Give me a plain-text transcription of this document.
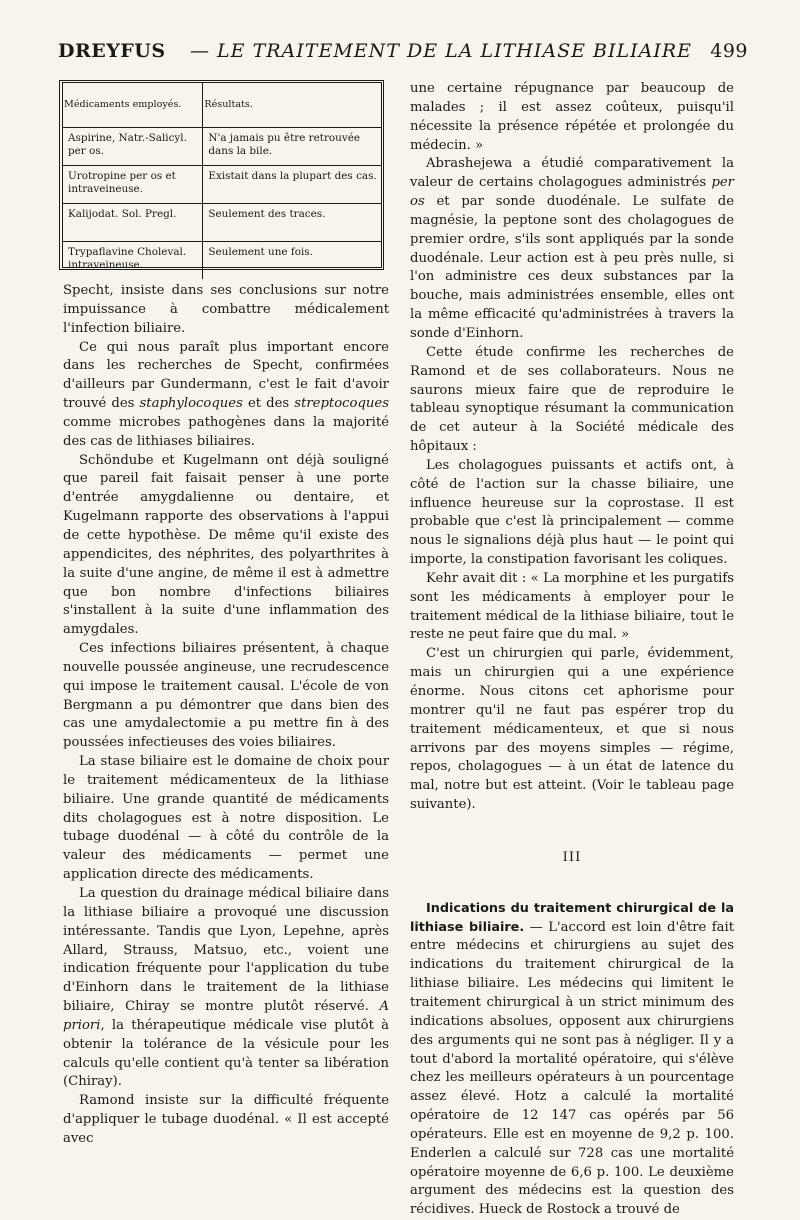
DREYFUS — LE TRAITEMENT DE LA LITHIASE BILIAIRE 499
Médicaments employés.	Résultats.
Aspirine, Natr.-Salicyl. per os.	N'a jamais pu être retrouvée dans la bile.
Urotropine per os et intraveineuse.	Existait dans la plupart des cas.
Kalijodat. Sol. Pregl.	Seulement des traces.
Trypaflavine Choleval. intraveineuse.	Seulement une fois.

Specht, insiste dans ses conclusions sur notre impuissance à combattre médicalement l'infection biliaire.

Ce qui nous paraît plus important encore dans les recherches de Specht, confirmées d'ailleurs par Gundermann, c'est le fait d'avoir trouvé des staphylocoques et des streptocoques comme microbes pathogènes dans la majorité des cas de lithiases biliaires.

Schöndube et Kugelmann ont déjà souligné que pareil fait faisait penser à une porte d'entrée amygdalienne ou dentaire, et Kugelmann rapporte des observations à l'appui de cette hypothèse. De même qu'il existe des appendicites, des néphrites, des polyarthrites à la suite d'une angine, de même il est à admettre que bon nombre d'infections biliaires s'installent à la suite d'une inflammation des amygdales.

Ces infections biliaires présentent, à chaque nouvelle poussée angineuse, une recrudescence qui impose le traitement causal. L'école de von Bergmann a pu démontrer que dans bien des cas une amydalectomie a pu mettre fin à des poussées infectieuses des voies biliaires.

La stase biliaire est le domaine de choix pour le traitement médicamenteux de la lithiase biliaire. Une grande quantité de médicaments dits cholagogues est à notre disposition. Le tubage duodénal — à côté du contrôle de la valeur des médicaments — permet une application directe des médicaments.

La question du drainage médical biliaire dans la lithiase biliaire a provoqué une discussion intéressante. Tandis que Lyon, Lepehne, après Allard, Strauss, Matsuo, etc., voient une indication fréquente pour l'application du tube d'Einhorn dans le traitement de la lithiase biliaire, Chiray se montre plutôt réservé. A priori, la thérapeutique médicale vise plutôt à obtenir la tolérance de la vésicule pour les calculs qu'elle contient qu'à tenter sa libération (Chiray).

Ramond insiste sur la difficulté fréquente d'appliquer le tubage duodénal. « Il est accepté avec

une certaine répugnance par beaucoup de malades ; il est assez coûteux, puisqu'il nécessite la présence répétée et prolongée du médecin. »

Abrashejewa a étudié comparativement la valeur de certains cholagogues administrés per os et par sonde duodénale. Le sulfate de magnésie, la peptone sont des cholagogues de premier ordre, s'ils sont appliqués par la sonde duodénale. Leur action est à peu près nulle, si l'on administre ces deux substances par la bouche, mais administrées ensemble, elles ont la même efficacité qu'administrées à travers la sonde d'Einhorn.

Cette étude confirme les recherches de Ramond et de ses collaborateurs. Nous ne saurons mieux faire que de reproduire le tableau synoptique résumant la communication de cet auteur à la Société médicale des hôpitaux :

Les cholagogues puissants et actifs ont, à côté de l'action sur la chasse biliaire, une influence heureuse sur la coprostase. Il est probable que c'est là principalement — comme nous le signalions déjà plus haut — le point qui importe, la constipation favorisant les coliques.

Kehr avait dit : « La morphine et les purgatifs sont les médicaments à employer pour le traitement médical de la lithiase biliaire, tout le reste ne peut faire que du mal. »

C'est un chirurgien qui parle, évidemment, mais un chirurgien qui a une expérience énorme. Nous citons cet aphorisme pour montrer qu'il ne faut pas espérer trop du traitement médicamenteux, et que si nous arrivons par des moyens simples — régime, repos, cholagogues — à un état de latence du mal, notre but est atteint. (Voir le tableau page suivante).

III

Indications du traitement chirurgical de la lithiase biliaire. — L'accord est loin d'être fait entre médecins et chirurgiens au sujet des indications du traitement chirurgical de la lithiase biliaire. Les médecins qui limitent le traitement chirurgical à un strict minimum des indications absolues, opposent aux chirurgiens des arguments qui ne sont pas à négliger. Il y a tout d'abord la mortalité opératoire, qui s'élève chez les meilleurs opérateurs à un pourcentage assez élevé. Hotz a calculé la mortalité opératoire de 12 147 cas opérés par 56 opérateurs. Elle est en moyenne de 9,2 p. 100. Enderlen a calculé sur 728 cas une mortalité opératoire moyenne de 6,6 p. 100. Le deuxième argument des médecins est la question des récidives. Hueck de Rostock a trouvé de
